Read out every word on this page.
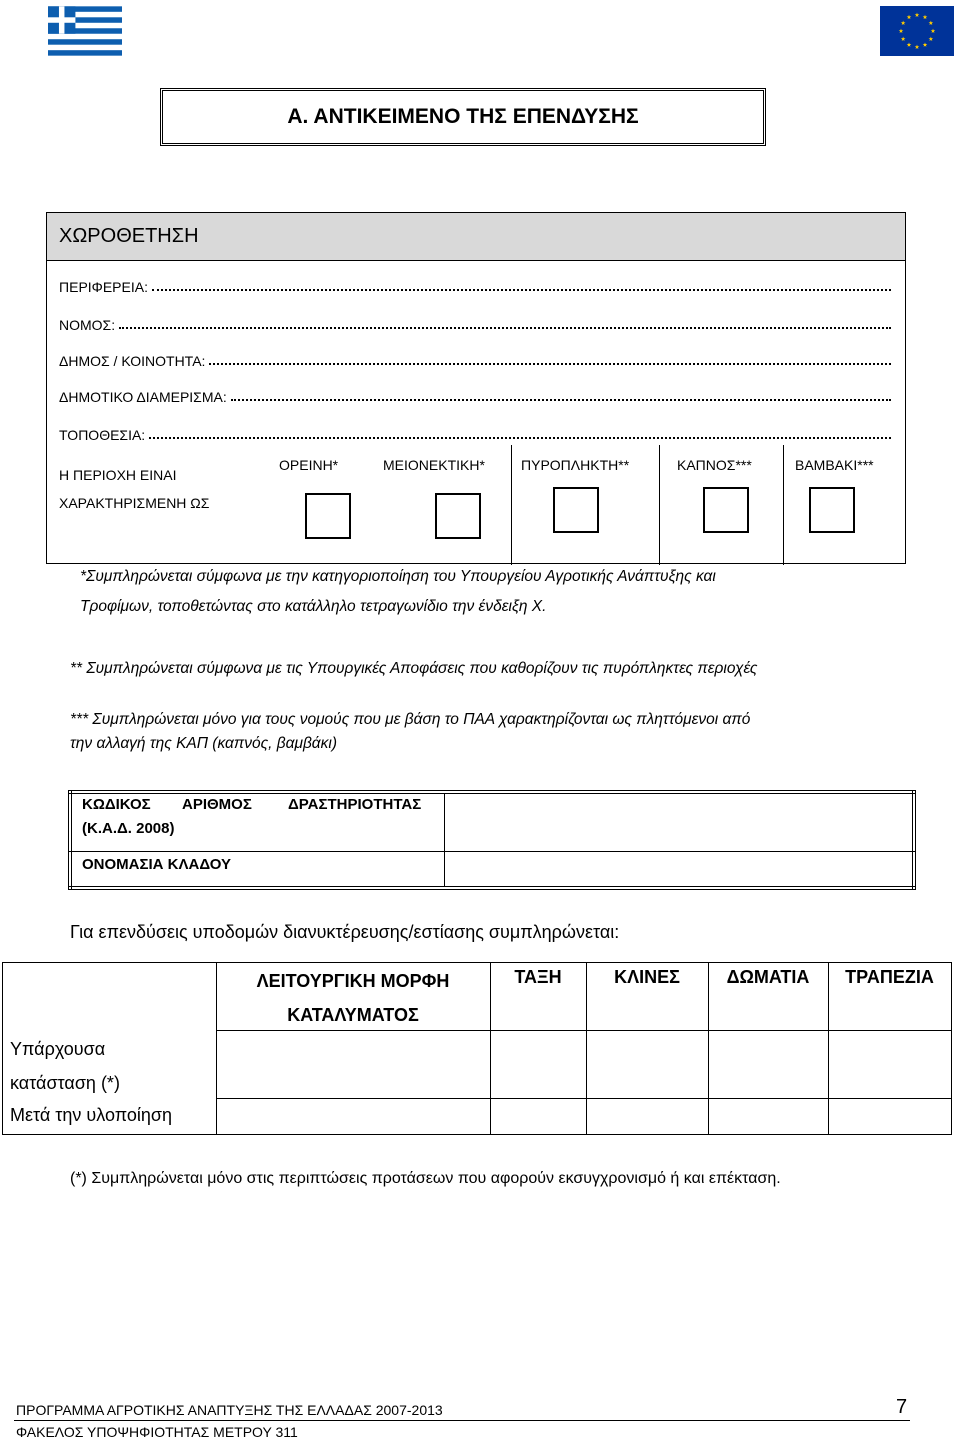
Α. ΑΝΤΙΚΕΙΜΕΝΟ ΤΗΣ ΕΠΕΝΔΥΣΗΣ
ΧΩΡΟΘΕΤΗΣΗ
ΠΕΡΙΦΕΡΕΙΑ:
ΝΟΜΟΣ:
ΔΗΜΟΣ / ΚΟΙΝΟΤΗΤΑ:
ΔΗΜΟΤΙΚΟ ΔΙΑΜΕΡΙΣΜΑ:
ΤΟΠΟΘΕΣΙΑ:
Η ΠΕΡΙΟΧΗ ΕΙΝΑΙ
ΧΑΡΑΚΤΗΡΙΣΜΕΝΗ ΩΣ
ΟΡΕΙΝΗ*	ΜΕΙΟΝΕΚΤΙΚΗ*	ΠΥΡΟΠΛΗΚΤΗ**	ΚΑΠΝΟΣ***	ΒΑΜΒΑΚΙ***
*Συμπληρώνεται σύμφωνα με την κατηγοριοποίηση του Υπουργείου Αγροτικής Ανάπτυξης και
Τροφίμων, τοποθετώντας στο κατάλληλο τετραγωνίδιο την ένδειξη Χ.
** Συμπληρώνεται σύμφωνα με τις Υπουργικές Αποφάσεις που καθορίζουν τις πυρόπληκτες περιοχές
*** Συμπληρώνεται μόνο για τους νομούς που με βάση το ΠΑΑ χαρακτηρίζονται ως πληττόμενοι από
την αλλαγή της ΚΑΠ (καπνός, βαμβάκι)
ΚΩΔΙΚΟΣ ΑΡΙΘΜΟΣ ΔΡΑΣΤΗΡΙΟΤΗΤΑΣ
(Κ.Α.Δ. 2008)
ΟΝΟΜΑΣΙΑ ΚΛΑΔΟΥ
Για επενδύσεις υποδομών διανυκτέρευσης/εστίασης συμπληρώνεται:
ΛΕΙΤΟΥΡΓΙΚΗ ΜΟΡΦΗ
ΚΑΤΑΛΥΜΑΤΟΣ
ΤΑΞΗ	ΚΛΙΝΕΣ	ΔΩΜΑΤΙΑ	ΤΡΑΠΕΖΙΑ
Υπάρχουσα
κατάσταση (*)
Μετά την υλοποίηση
(*) Συμπληρώνεται μόνο στις περιπτώσεις προτάσεων που αφορούν εκσυγχρονισμό ή και επέκταση.
ΠΡΟΓΡΑΜΜΑ ΑΓΡΟΤΙΚΗΣ ΑΝΑΠΤΥΞΗΣ ΤΗΣ ΕΛΛΑΔΑΣ 2007-2013	7
ΦΑΚΕΛΟΣ ΥΠΟΨΗΦΙΟΤΗΤΑΣ ΜΕΤΡΟΥ 311
